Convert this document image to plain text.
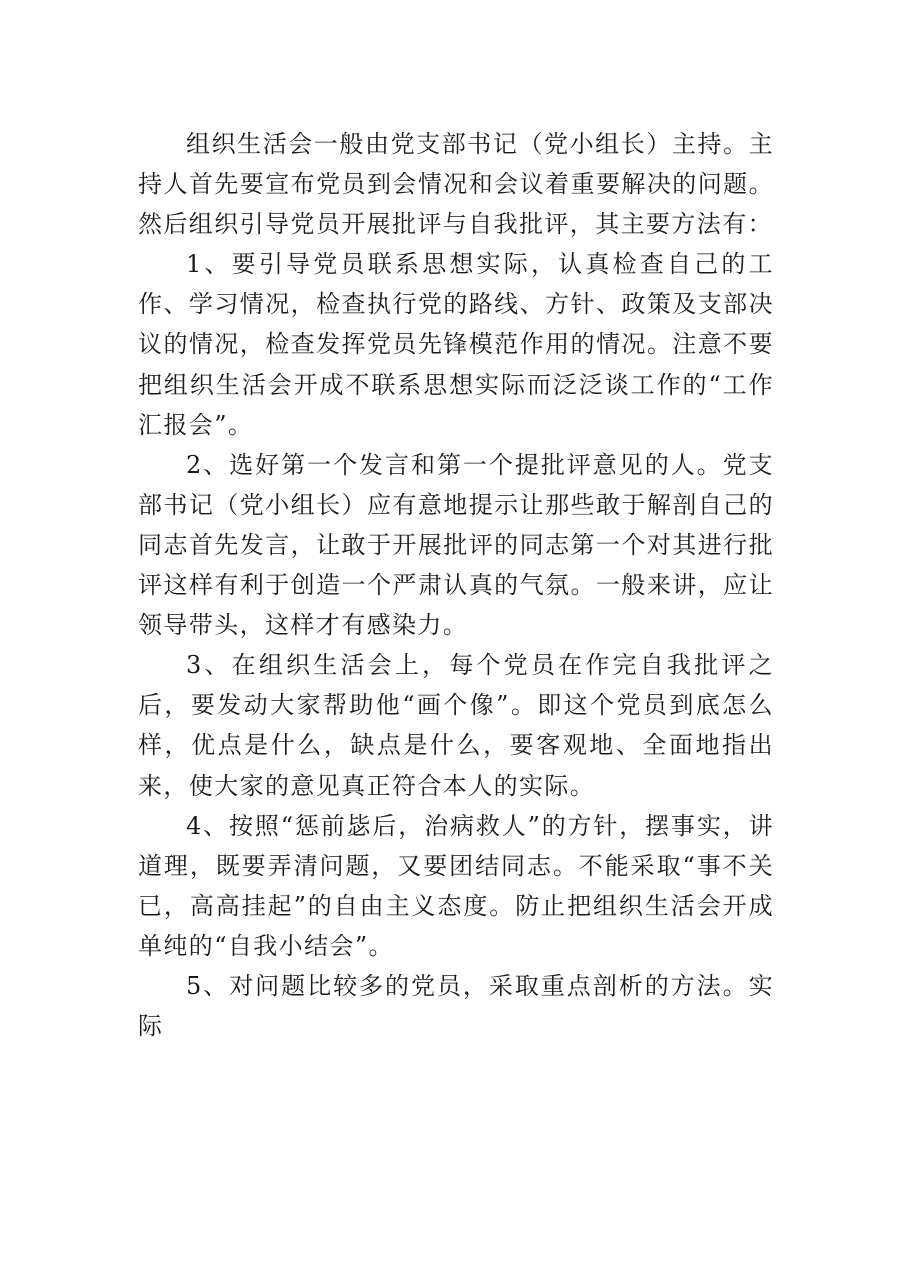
组织生活会一般由党支部书记（党小组长）主持。主持人首先要宣布党员到会情况和会议着重要解决的问题。然后组织引导党员开展批评与自我批评，其主要方法有：

1、要引导党员联系思想实际，认真检查自己的工作、学习情况，检查执行党的路线、方针、政策及支部决议的情况，检查发挥党员先锋模范作用的情况。注意不要把组织生活会开成不联系思想实际而泛泛谈工作的“工作汇报会”。

2、选好第一个发言和第一个提批评意见的人。党支部书记（党小组长）应有意地提示让那些敢于解剖自己的同志首先发言，让敢于开展批评的同志第一个对其进行批评这样有利于创造一个严肃认真的气氛。一般来讲，应让领导带头，这样才有感染力。

3、在组织生活会上，每个党员在作完自我批评之后，要发动大家帮助他“画个像”。即这个党员到底怎么样，优点是什么，缺点是什么，要客观地、全面地指出来，使大家的意见真正符合本人的实际。

4、按照“惩前毖后，治病救人”的方针，摆事实，讲道理，既要弄清问题，又要团结同志。不能采取“事不关已，高高挂起”的自由主义态度。防止把组织生活会开成单纯的“自我小结会”。

5、对问题比较多的党员，采取重点剖析的方法。实际
